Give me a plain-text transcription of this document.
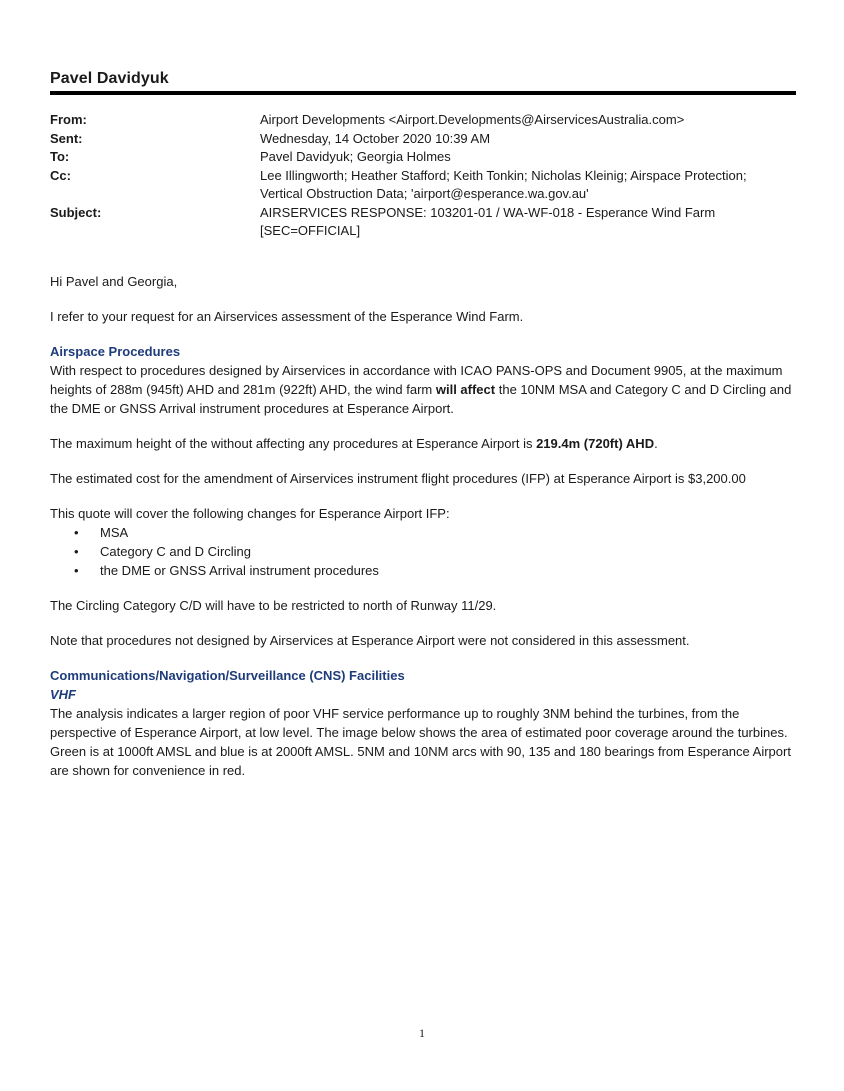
Pavel Davidyuk
From:	Airport Developments <Airport.Developments@AirservicesAustralia.com>
Sent:	Wednesday, 14 October 2020 10:39 AM
To:	Pavel Davidyuk; Georgia Holmes
Cc:	Lee Illingworth; Heather Stafford; Keith Tonkin; Nicholas Kleinig; Airspace Protection;
Vertical Obstruction Data; 'airport@esperance.wa.gov.au'
Subject:	AIRSERVICES RESPONSE: 103201-01 / WA-WF-018 - Esperance Wind Farm
[SEC=OFFICIAL]

Hi Pavel and Georgia,

I refer to your request for an Airservices assessment of the Esperance Wind Farm.

Airspace Procedures

With respect to procedures designed by Airservices in accordance with ICAO PANS-OPS and Document 9905, at the maximum heights of 288m (945ft) AHD and 281m (922ft) AHD, the wind farm will affect the 10NM MSA and Category C and D Circling and the DME or GNSS Arrival instrument procedures at Esperance Airport.

The maximum height of the without affecting any procedures at Esperance Airport is 219.4m (720ft) AHD.

The estimated cost for the amendment of Airservices instrument flight procedures (IFP) at Esperance Airport is $3,200.00

This quote will cover the following changes for Esperance Airport IFP:

• MSA
• Category C and D Circling
• the DME or GNSS Arrival instrument procedures

The Circling Category C/D will have to be restricted to north of Runway 11/29.

Note that procedures not designed by Airservices at Esperance Airport were not considered in this assessment.

Communications/Navigation/Surveillance (CNS) Facilities

VHF

The analysis indicates a larger region of poor VHF service performance up to roughly 3NM behind the turbines, from the perspective of Esperance Airport, at low level. The image below shows the area of estimated poor coverage around the turbines. Green is at 1000ft AMSL and blue is at 2000ft AMSL. 5NM and 10NM arcs with 90, 135 and 180 bearings from Esperance Airport are shown for convenience in red.

1
